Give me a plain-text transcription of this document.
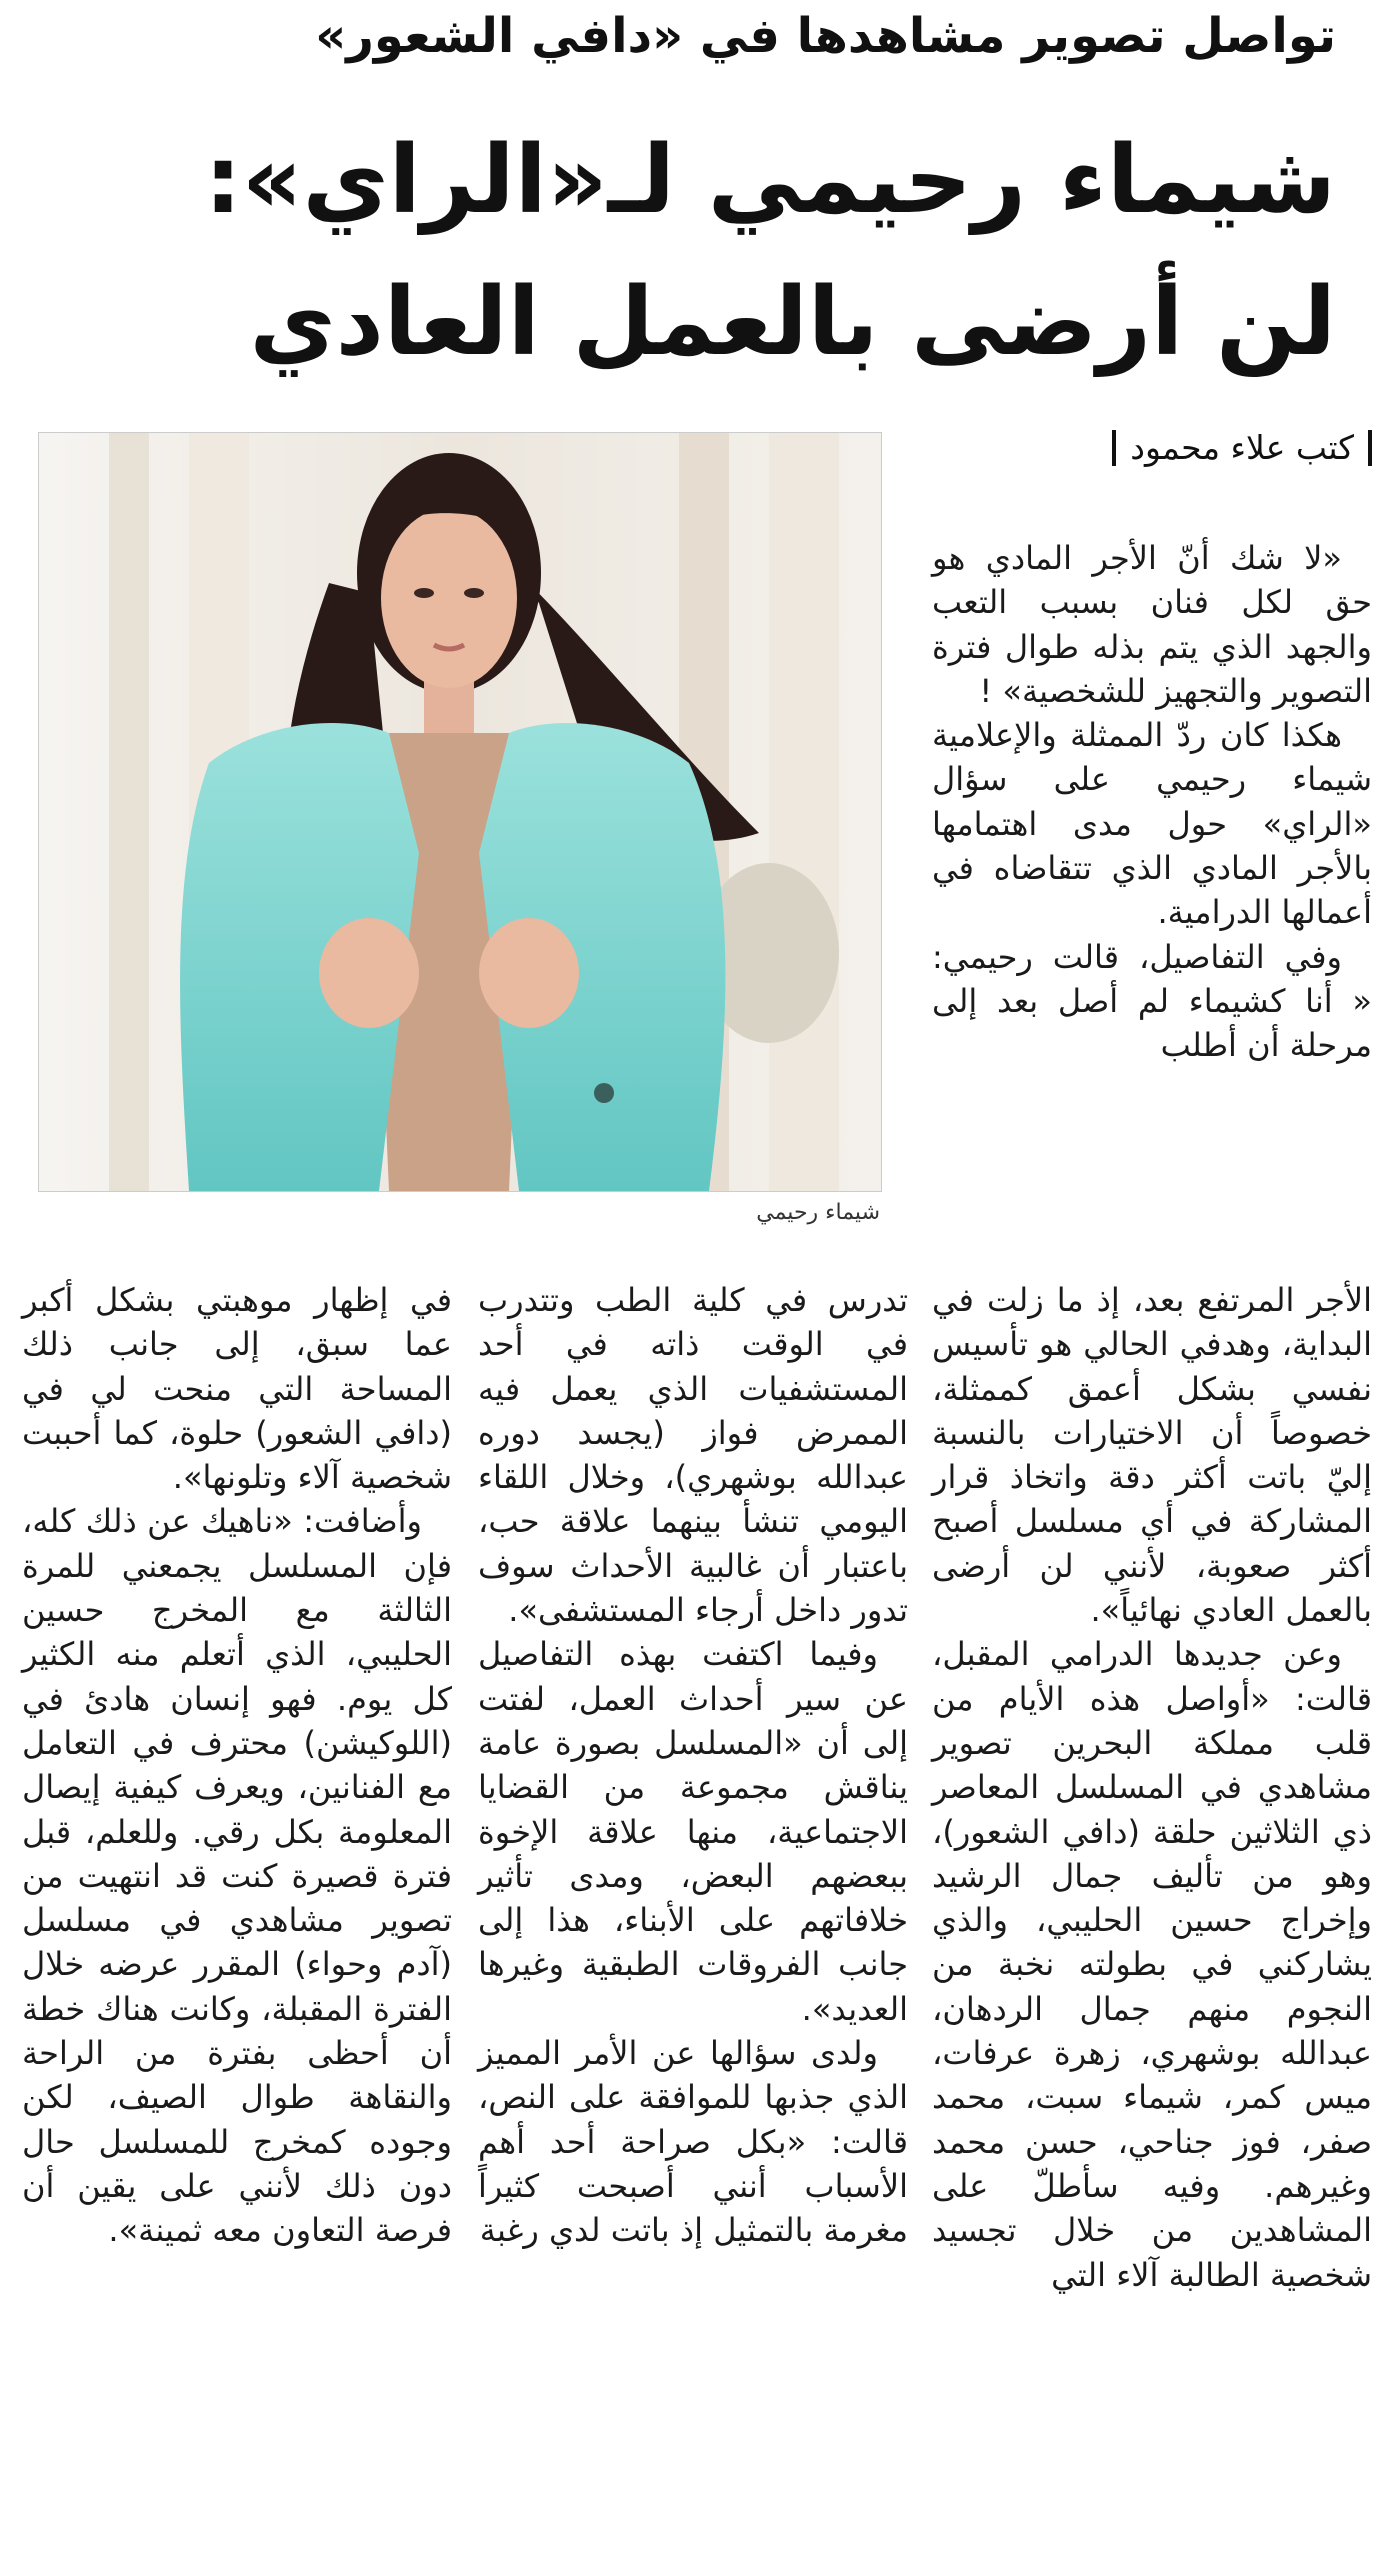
تواصل تصوير مشاهدها في «دافي الشعور»
شيماء رحيمي لـ«الراي»:
لن أرضى بالعمل العادي
شيماء رحيمي
كتب علاء محمود

«لا شك أنّ الأجر المادي هو حق لكل فنان بسبب التعب والجهد الذي يتم بذله طوال فترة التصوير والتجهيز للشخصية» !

هكذا كان ردّ الممثلة والإعلامية شيماء رحيمي على سؤال «الراي» حول مدى اهتمامها بالأجر المادي الذي تتقاضاه في أعمالها الدرامية.

وفي التفاصيل، قالت رحيمي: « أنا كشيماء لم أصل بعد إلى مرحلة أن أطلب

الأجر المرتفع بعد، إذ ما زلت في البداية، وهدفي الحالي هو تأسيس نفسي بشكل أعمق كممثلة، خصوصاً أن الاختيارات بالنسبة إليّ باتت أكثر دقة واتخاذ قرار المشاركة في أي مسلسل أصبح أكثر صعوبة، لأنني لن أرضى بالعمل العادي نهائياً».

وعن جديدها الدرامي المقبل، قالت: «أواصل هذه الأيام من قلب مملكة البحرين تصوير مشاهدي في المسلسل المعاصر ذي الثلاثين حلقة (دافي الشعور)، وهو من تأليف جمال الرشيد وإخراج حسين الحليبي، والذي يشاركني في بطولته نخبة من النجوم منهم جمال الردهان، عبدالله بوشهري، زهرة عرفات، ميس كمر، شيماء سبت، محمد صفر، فوز جناحي، حسن محمد وغيرهم. وفيه سأطلّ على المشاهدين من خلال تجسيد شخصية الطالبة آلاء التي

تدرس في كلية الطب وتتدرب في الوقت ذاته في أحد المستشفيات الذي يعمل فيه الممرض فواز (يجسد دوره عبدالله بوشهري)، وخلال اللقاء اليومي تنشأ بينهما علاقة حب، باعتبار أن غالبية الأحداث سوف تدور داخل أرجاء المستشفى».

وفيما اكتفت بهذه التفاصيل عن سير أحداث العمل، لفتت إلى أن «المسلسل بصورة عامة يناقش مجموعة من القضايا الاجتماعية، منها علاقة الإخوة ببعضهم البعض، ومدى تأثير خلافاتهم على الأبناء، هذا إلى جانب الفروقات الطبقية وغيرها العديد».

ولدى سؤالها عن الأمر المميز الذي جذبها للموافقة على النص، قالت: «بكل صراحة أحد أهم الأسباب أنني أصبحت كثيراً مغرمة بالتمثيل إذ باتت لدي رغبة

في إظهار موهبتي بشكل أكبر عما سبق، إلى جانب ذلك المساحة التي منحت لي في (دافي الشعور) حلوة، كما أحببت شخصية آلاء وتلونها».

وأضافت: «ناهيك عن ذلك كله، فإن المسلسل يجمعني للمرة الثالثة مع المخرج حسين الحليبي، الذي أتعلم منه الكثير كل يوم. فهو إنسان هادئ في (اللوكيشن) محترف في التعامل مع الفنانين، ويعرف كيفية إيصال المعلومة بكل رقي. وللعلم، قبل فترة قصيرة كنت قد انتهيت من تصوير مشاهدي في مسلسل (آدم وحواء) المقرر عرضه خلال الفترة المقبلة، وكانت هناك خطة أن أحظى بفترة من الراحة والنقاهة طوال الصيف، لكن وجوده كمخرج للمسلسل حال دون ذلك لأنني على يقين أن فرصة التعاون معه ثمينة».
